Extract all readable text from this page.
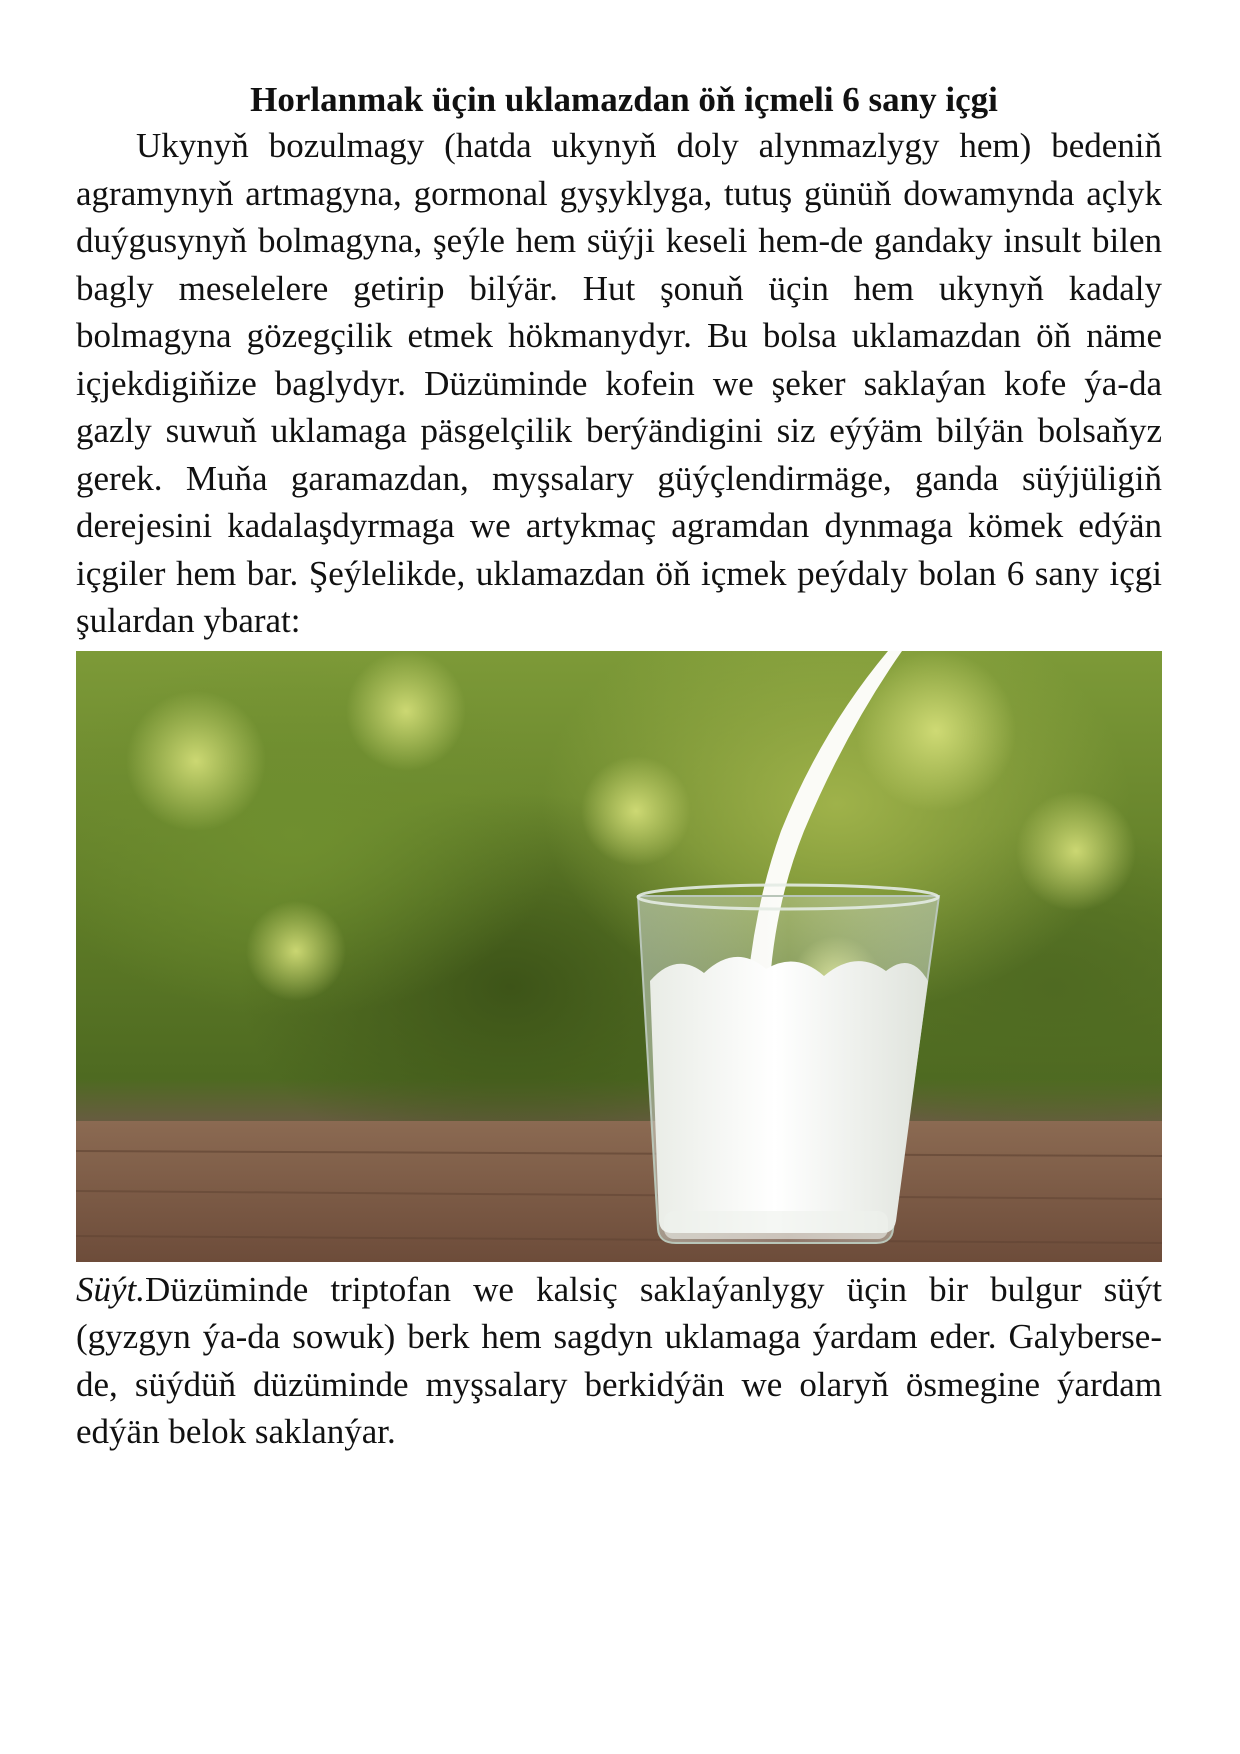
Horlanmak üçin uklamazdan öň içmeli 6 sany içgi

Ukynyň bozulmagy (hatda ukynyň doly alynmazlygy hem) bedeniň agramynyň artmagyna, gormonal gyşyklyga, tutuş günüň dowamynda açlyk duýgusynyň bolmagyna, şeýle hem süýji keseli hem-de gandaky insult bilen bagly meselelere getirip bilýär. Hut şonuň üçin hem ukynyň kadaly bolmagyna gözegçilik etmek hökmanydyr. Bu bolsa uklamazdan öň näme içjekdigiňize baglydyr. Düzüminde kofein we şeker saklaýan kofe ýa-da gazly suwuň uklamaga päsgelçilik berýändigini siz eýýäm bilýän bolsaňyz gerek. Muňa garamazdan, myşsalary güýçlendirmäge, ganda süýjüligiň derejesini kadalaşdyrmaga we artykmaç agramdan dynmaga kömek edýän içgiler hem bar. Şeýlelikde, uklamazdan öň içmek peýdaly bolan 6 sany içgi şulardan ybarat:

Süýt.Düzüminde triptofan we kalsiç saklaýanlygy üçin bir bulgur süýt (gyzgyn ýa-da sowuk) berk hem sagdyn uklamaga ýardam eder. Galyberse-de, süýdüň düzüminde myşsalary berkidýän we olaryň ösmegine ýardam edýän belok saklanýar.
